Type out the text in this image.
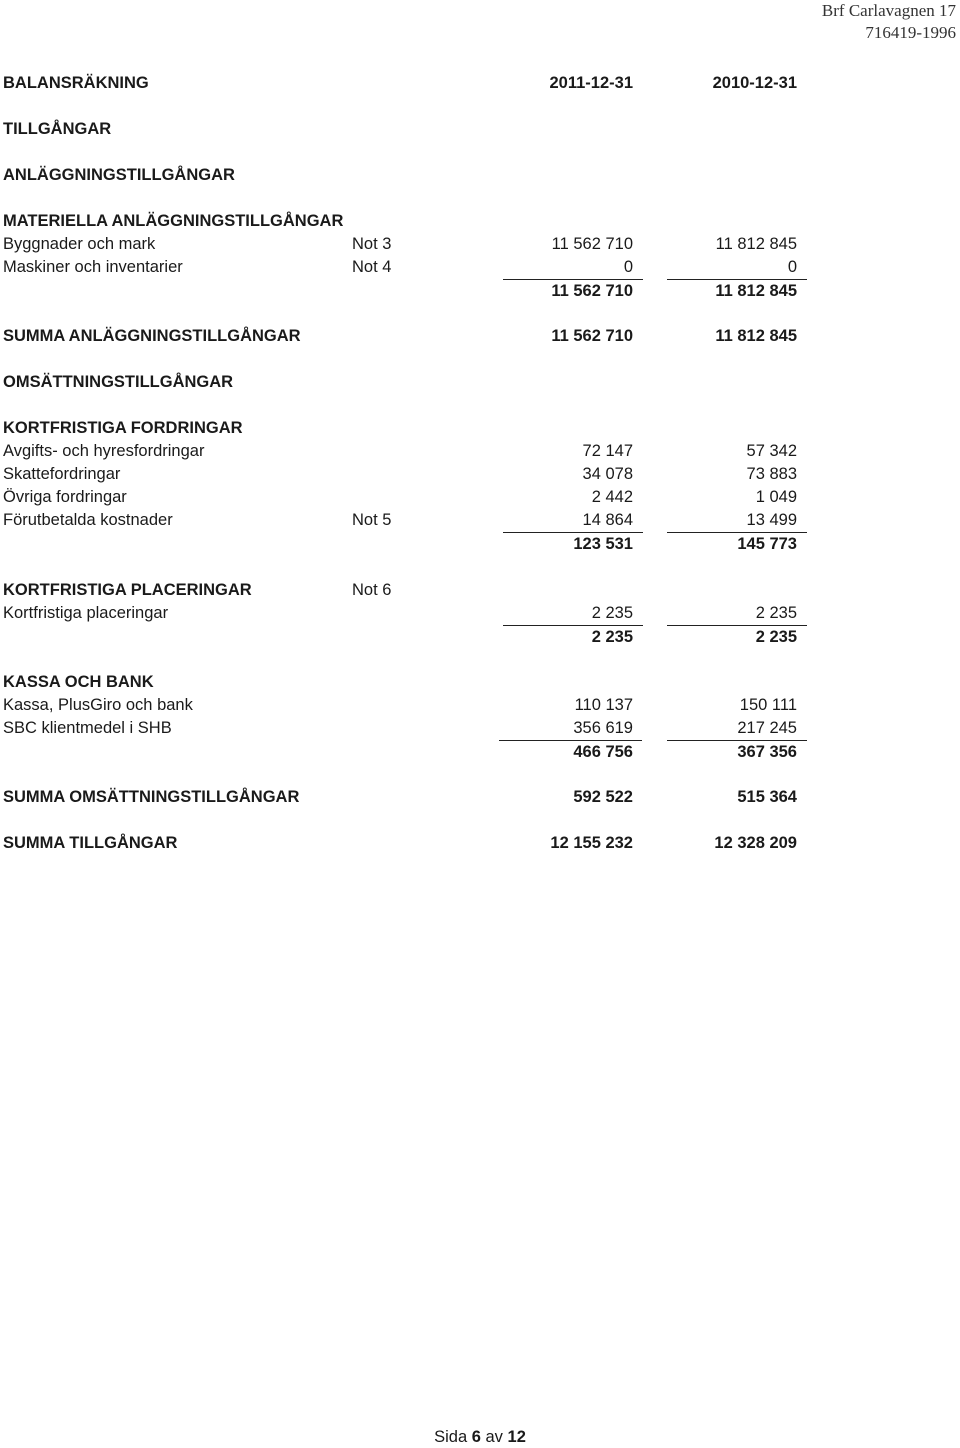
Brf Carlavagnen 17
716419-1996
BALANSRÄKNING	2011-12-31	2010-12-31
TILLGÅNGAR
ANLÄGGNINGSTILLGÅNGAR
MATERIELLA ANLÄGGNINGSTILLGÅNGAR
Byggnader och mark	Not 3	11 562 710	11 812 845
Maskiner och inventarier	Not 4	0	0
11 562 710	11 812 845
SUMMA ANLÄGGNINGSTILLGÅNGAR	11 562 710	11 812 845
OMSÄTTNINGSTILLGÅNGAR
KORTFRISTIGA FORDRINGAR
Avgifts- och hyresfordringar	72 147	57 342
Skattefordringar	34 078	73 883
Övriga fordringar	2 442	1 049
Förutbetalda kostnader	Not 5	14 864	13 499
123 531	145 773
KORTFRISTIGA PLACERINGAR	Not 6
Kortfristiga placeringar	2 235	2 235
2 235	2 235
KASSA OCH BANK
Kassa, PlusGiro och bank	110 137	150 111
SBC klientmedel i SHB	356 619	217 245
466 756	367 356
SUMMA OMSÄTTNINGSTILLGÅNGAR	592 522	515 364
SUMMA TILLGÅNGAR	12 155 232	12 328 209
Sida 6 av 12
